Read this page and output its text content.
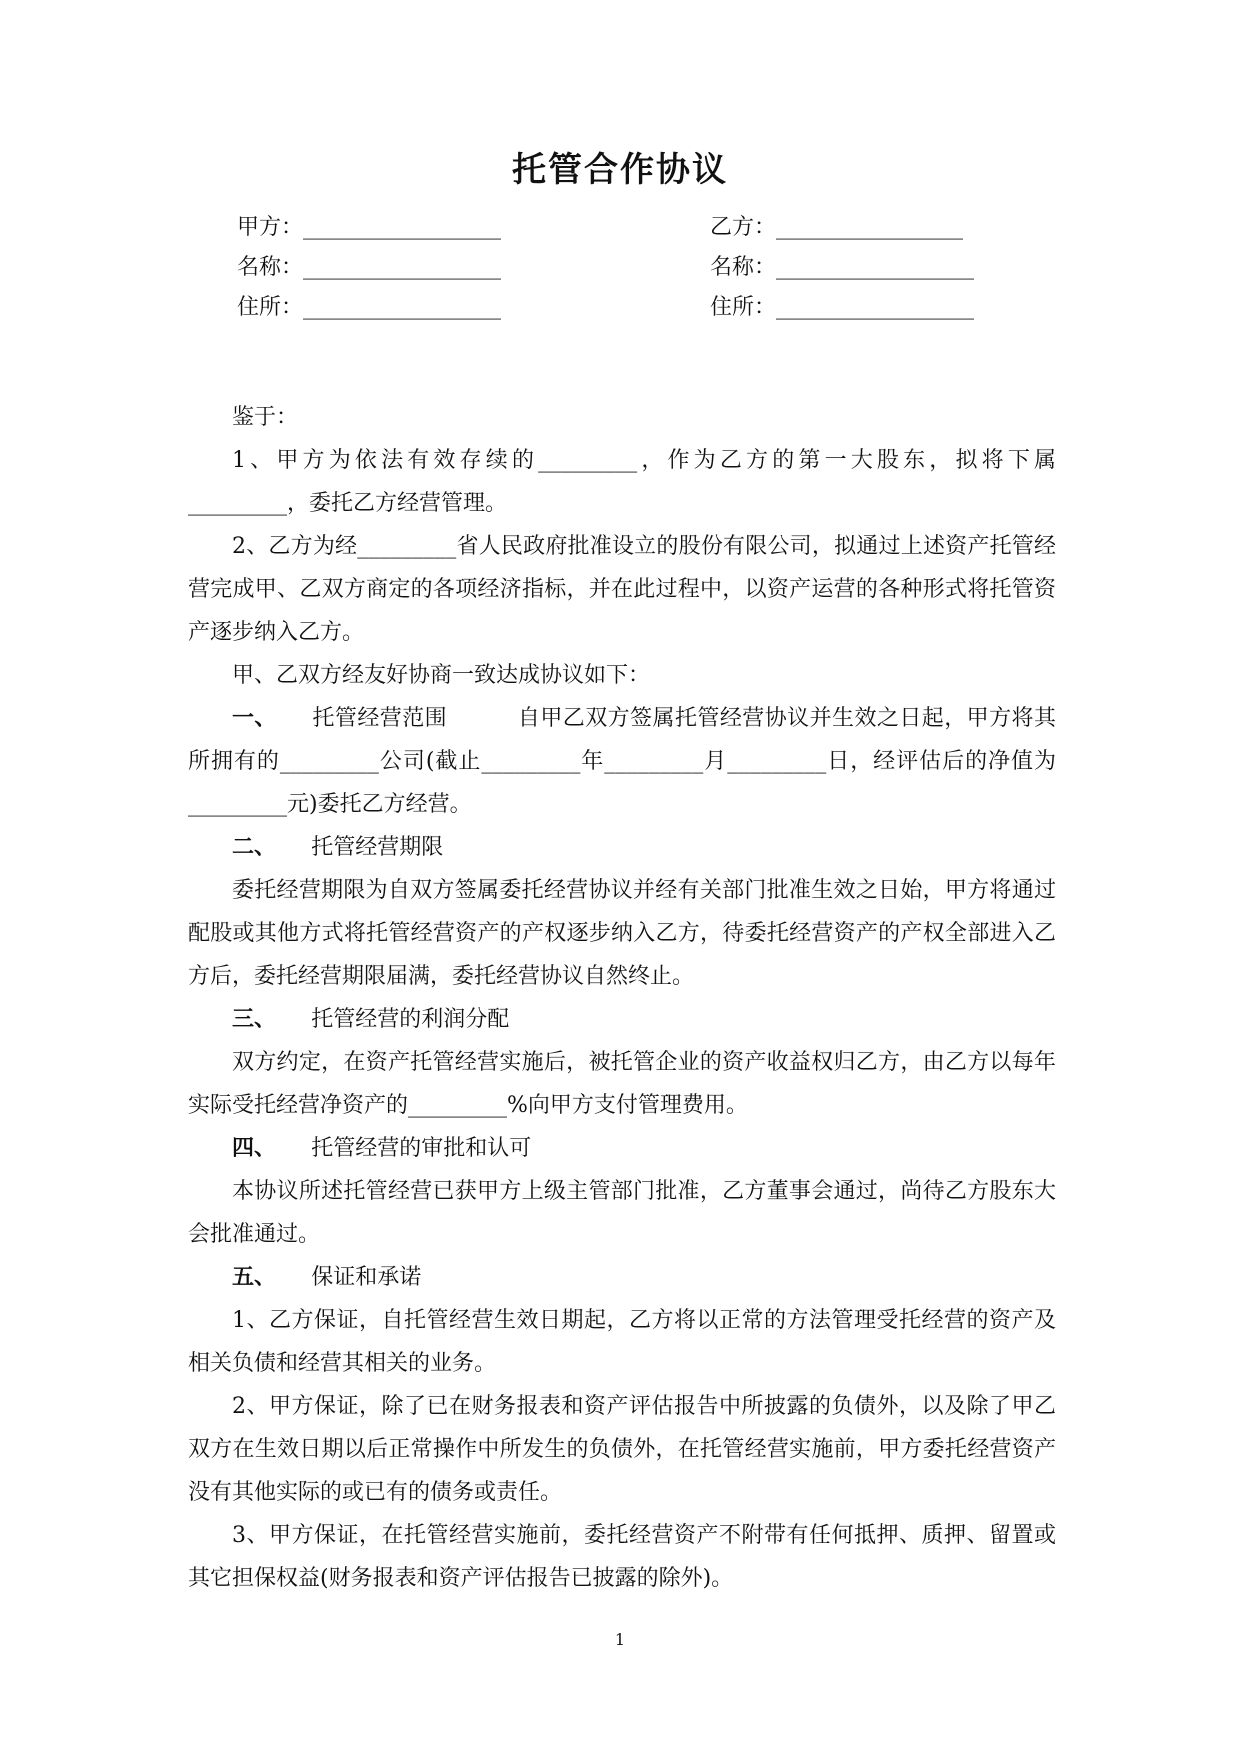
托管合作协议
甲方：__________________
名称：__________________
住所：__________________
乙方：_________________
名称：__________________
住所：__________________

鉴于：

1、甲方为依法有效存续的_________，作为乙方的第一大股东，拟将下属_________，委托乙方经营管理。

2、乙方为经_________省人民政府批准设立的股份有限公司，拟通过上述资产托管经营完成甲、乙双方商定的各项经济指标，并在此过程中，以资产运营的各种形式将托管资产逐步纳入乙方。

甲、乙双方经友好协商一致达成协议如下：

一、 托管经营范围	自甲乙双方签属托管经营协议并生效之日起，甲方将其所拥有的_________公司(截止_________年_________月_________日，经评估后的净值为_________元)委托乙方经营。

二、 托管经营期限

委托经营期限为自双方签属委托经营协议并经有关部门批准生效之日始，甲方将通过配股或其他方式将托管经营资产的产权逐步纳入乙方，待委托经营资产的产权全部进入乙方后，委托经营期限届满，委托经营协议自然终止。

三、 托管经营的利润分配

双方约定，在资产托管经营实施后，被托管企业的资产收益权归乙方，由乙方以每年实际受托经营净资产的_________%向甲方支付管理费用。

四、 托管经营的审批和认可

本协议所述托管经营已获甲方上级主管部门批准，乙方董事会通过，尚待乙方股东大会批准通过。

五、 保证和承诺

1、乙方保证，自托管经营生效日期起，乙方将以正常的方法管理受托经营的资产及相关负债和经营其相关的业务。

2、甲方保证，除了已在财务报表和资产评估报告中所披露的负债外，以及除了甲乙双方在生效日期以后正常操作中所发生的负债外，在托管经营实施前，甲方委托经营资产没有其他实际的或已有的债务或责任。

3、甲方保证，在托管经营实施前，委托经营资产不附带有任何抵押、质押、留置或其它担保权益(财务报表和资产评估报告已披露的除外)。

1
